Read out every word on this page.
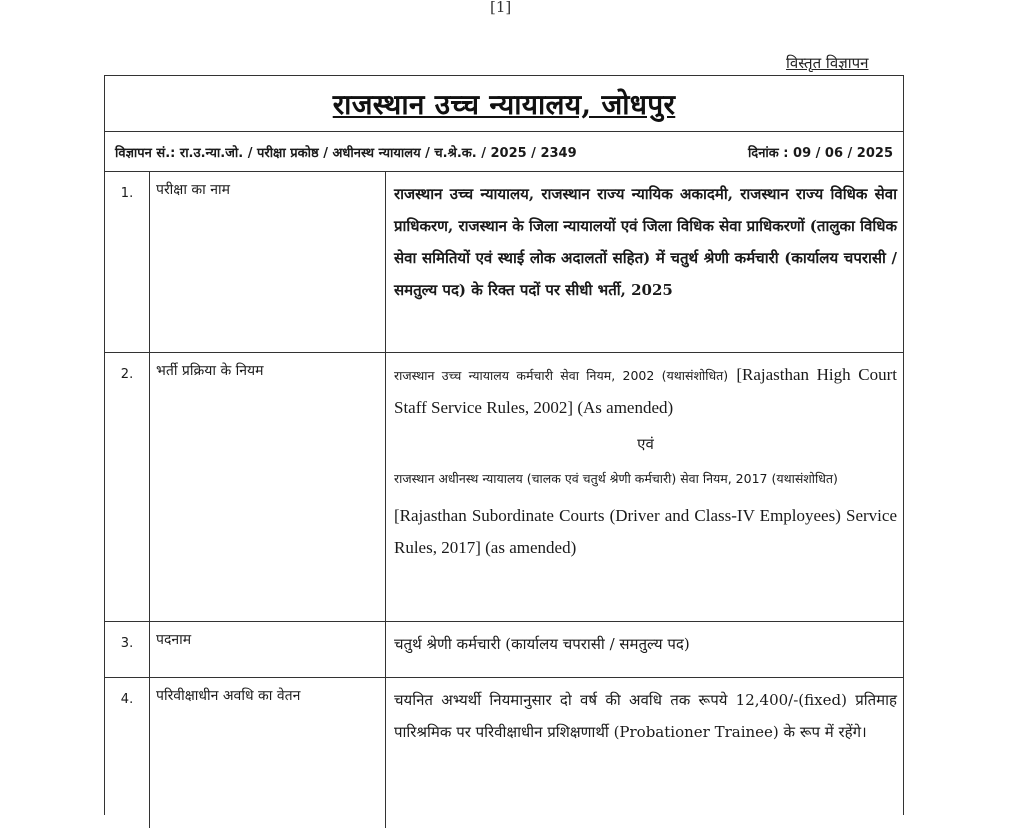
[1]
विस्तृत विज्ञापन
राजस्थान उच्च न्यायालय, जोधपुर
विज्ञापन सं.: रा.उ.न्या.जो. / परीक्षा प्रकोष्ठ / अधीनस्थ न्यायालय / च.श्रे.क. / 2025 / 2349	दिनांक : 09 / 06 / 2025
1.	परीक्षा का नाम	राजस्थान उच्च न्यायालय, राजस्थान राज्य न्यायिक अकादमी, राजस्थान राज्य विधिक सेवा प्राधिकरण, राजस्थान के जिला न्यायालयों एवं जिला विधिक सेवा प्राधिकरणों (तालुका विधिक सेवा समितियों एवं स्थाई लोक अदालतों सहित) में चतुर्थ श्रेणी कर्मचारी (कार्यालय चपरासी / समतुल्य पद) के रिक्त पदों पर सीधी भर्ती, 2025
2.	भर्ती प्रक्रिया के नियम	राजस्थान उच्च न्यायालय कर्मचारी सेवा नियम, 2002 (यथासंशोधित) [Rajasthan High Court Staff Service Rules, 2002] (As amended)

एवं

राजस्थान अधीनस्थ न्यायालय (चालक एवं चतुर्थ श्रेणी कर्मचारी) सेवा नियम, 2017 (यथासंशोधित)

[Rajasthan Subordinate Courts (Driver and Class-IV Employees) Service Rules, 2017] (as amended)

3.	पदनाम	चतुर्थ श्रेणी कर्मचारी (कार्यालय चपरासी / समतुल्य पद)
4.	परिवीक्षाधीन अवधि का वेतन	चयनित अभ्यर्थी नियमानुसार दो वर्ष की अवधि तक रूपये 12,400/-(fixed) प्रतिमाह पारिश्रमिक पर परिवीक्षाधीन प्रशिक्षणार्थी (Probationer Trainee) के रूप में रहेंगे।
